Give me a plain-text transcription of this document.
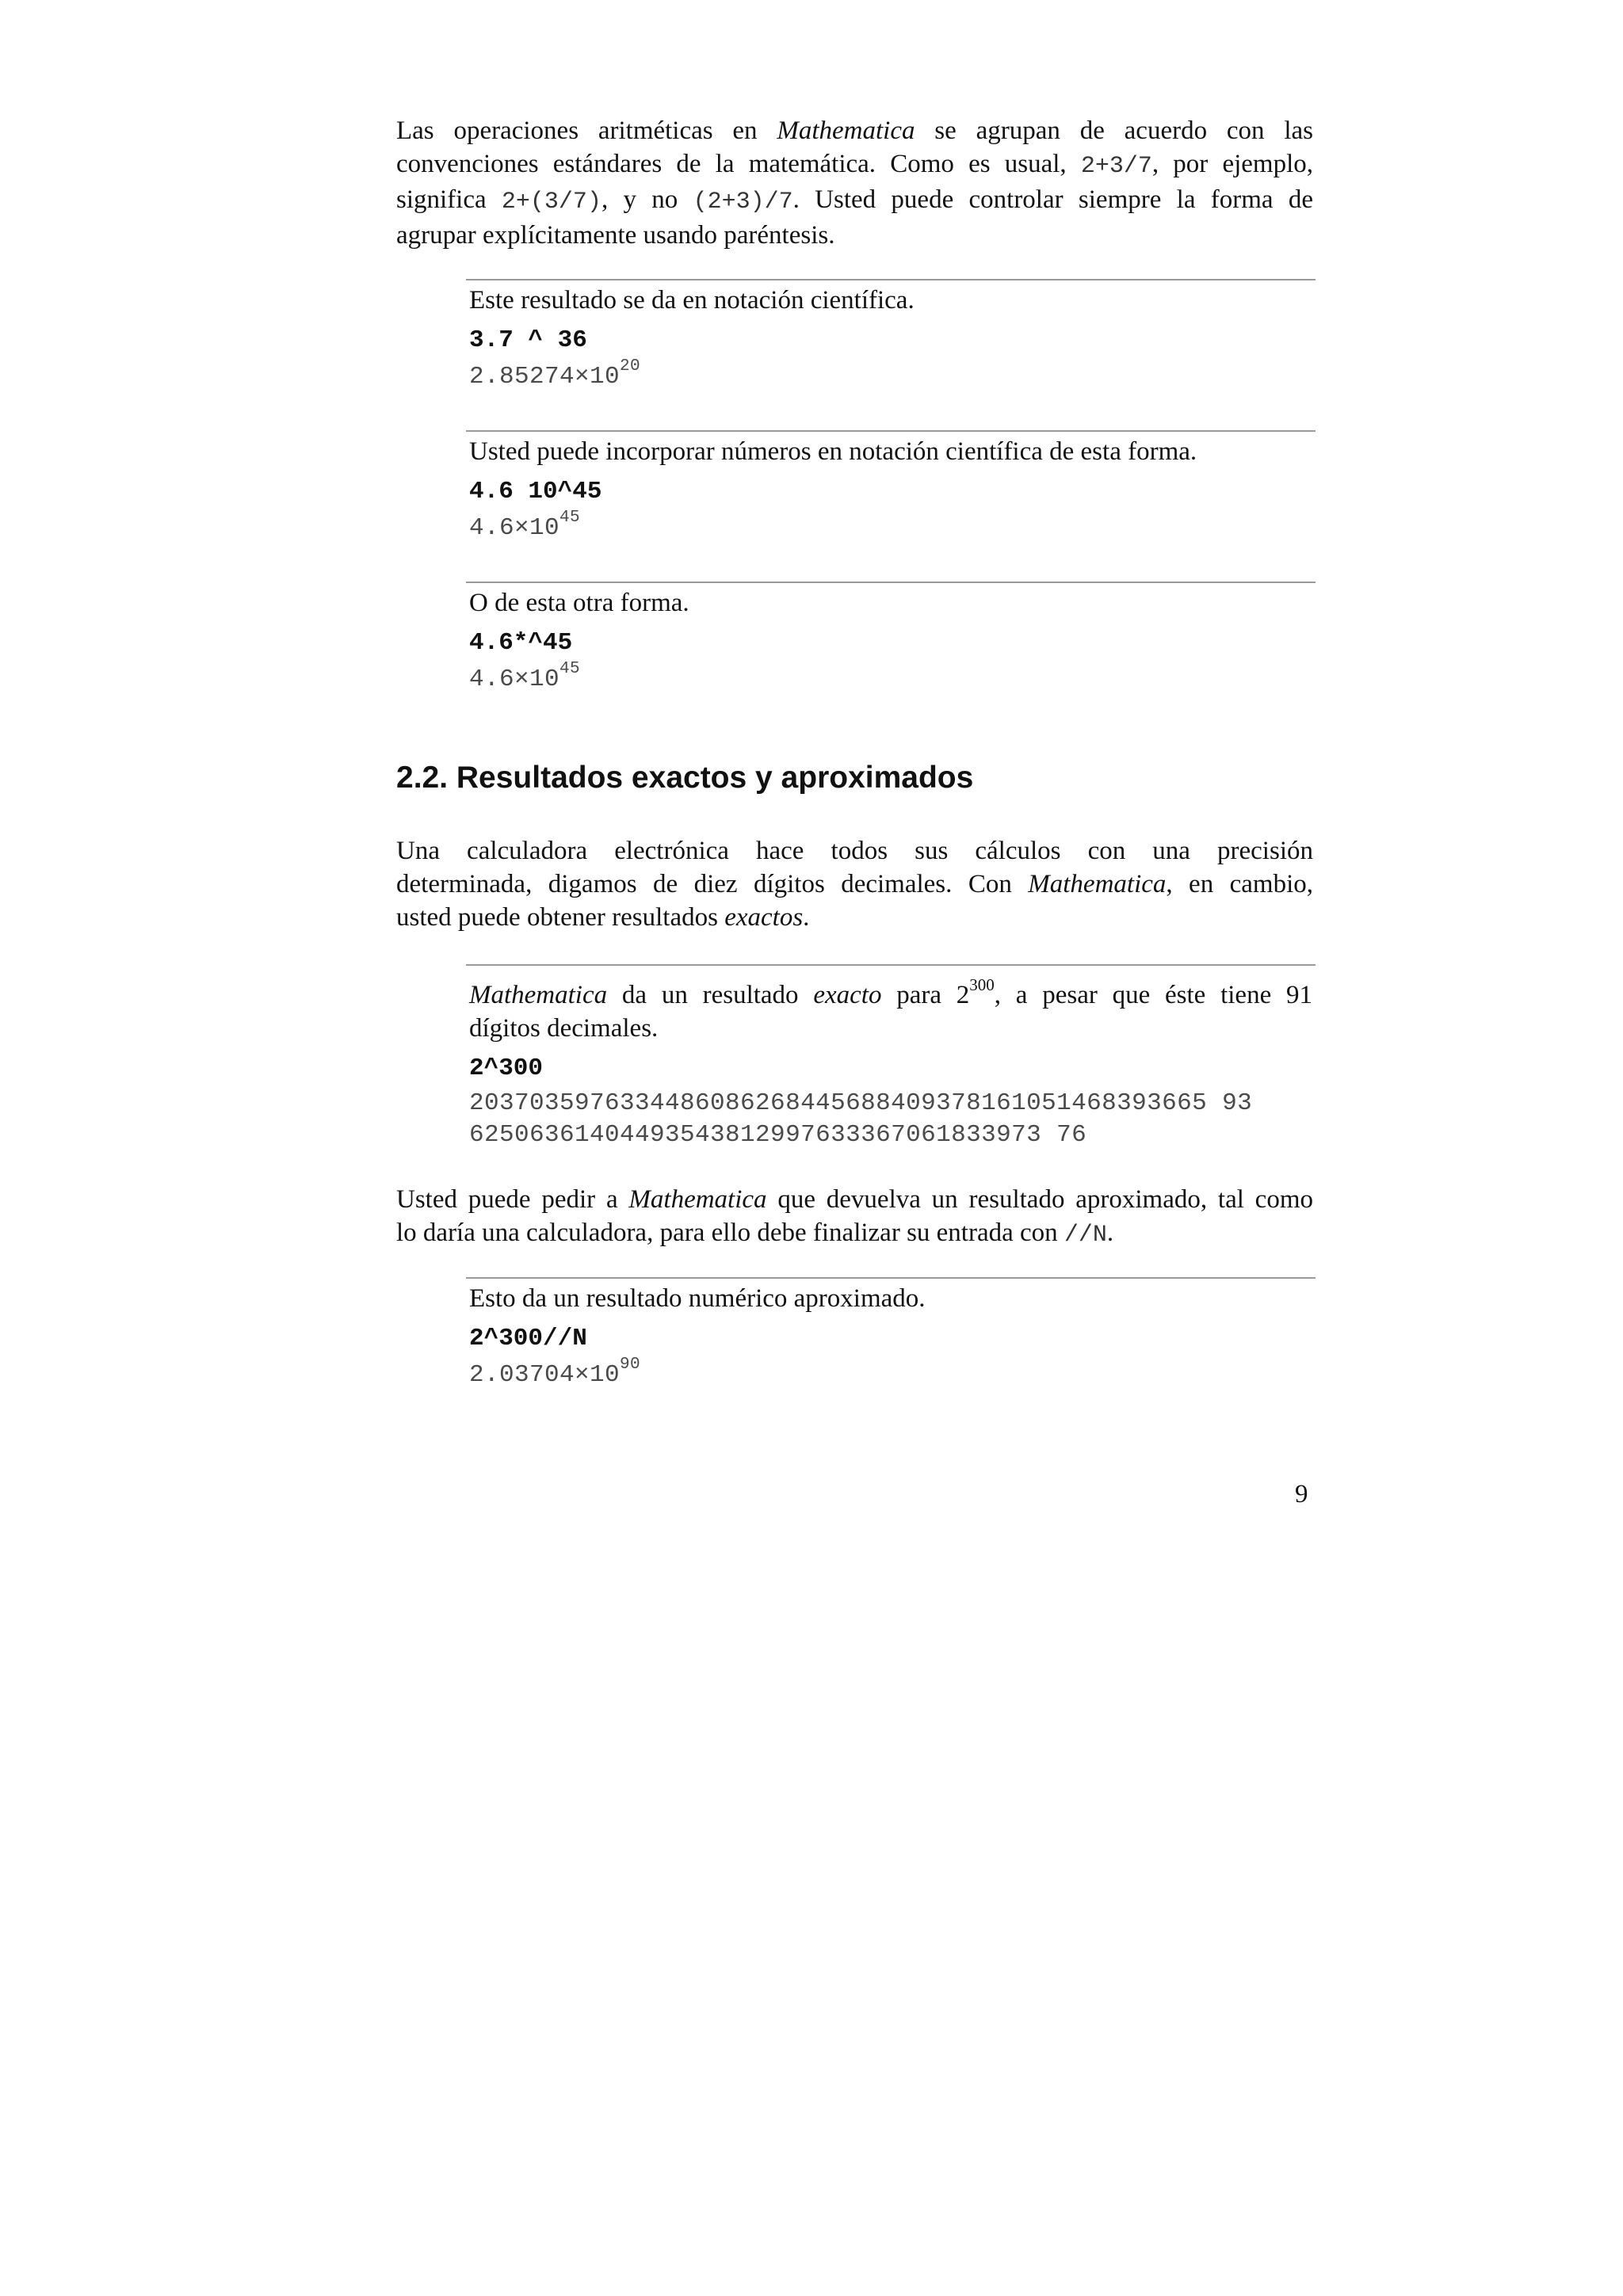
Las operaciones aritméticas en Mathematica se agrupan de acuerdo con las
convenciones estándares de la matemática. Como es usual, 2+3/7, por ejemplo,
significa 2+(3/7), y no (2+3)/7. Usted puede controlar siempre la forma de
agrupar explícitamente usando paréntesis.

Este resultado se da en notación científica.

3.7 ^ 36
$2.85274\times 10^{20}$

Usted puede incorporar números en notación científica de esta forma.

4.6 10^45
$4.6\times 10^{45}$

O de esta otra forma.

4.6*^45
$4.6\times 10^{45}$
2.2. Resultados exactos y aproximados
Una calculadora electrónica hace todos sus cálculos con una precisión
determinada, digamos de diez dígitos decimales. Con Mathematica, en cambio,
usted puede obtener resultados exactos.
Mathematica da un resultado exacto para $2^{300}$, a pesar que éste tiene 91
dígitos decimales.
2^300
2037035976334486086268445688409378161051468393665 93
62506361404493543812997633367061833973 76
Usted puede pedir a Mathematica que devuelva un resultado aproximado, tal como
lo daría una calculadora, para ello debe finalizar su entrada con //N.

Esto da un resultado numérico aproximado.

2^300//N
$2.03704\times 10^{90}$
9
